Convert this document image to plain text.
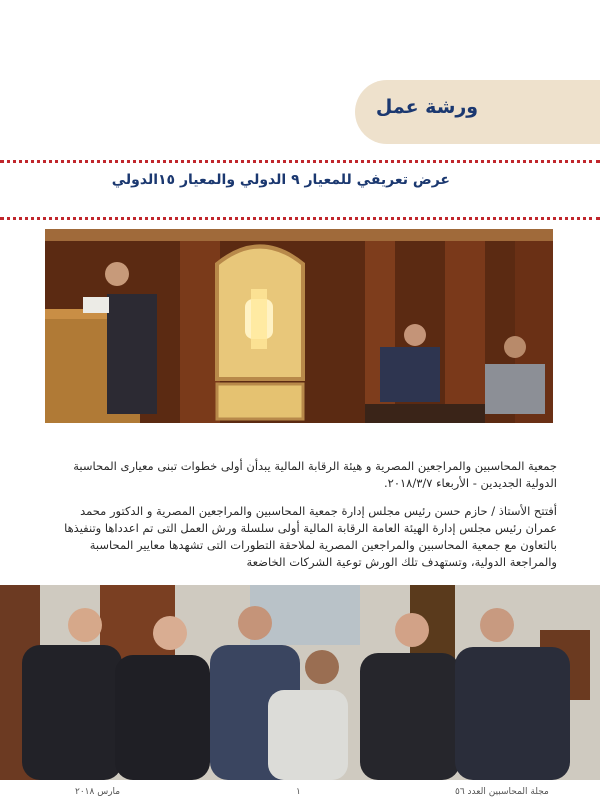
ورشة عمل
عرض تعريفي للمعيار ٩ الدولي والمعيار ١٥الدولي
جمعية المحاسبين والمراجعين المصرية و هيئة الرقابة المالية يبدأن أولى خطوات تبنى معيارى المحاسبة الدولية الجديدين - الأربعاء ٢٠١٨/٣/٧.
أفتتح الأستاذ / حازم حسن رئيس مجلس إدارة جمعية المحاسبين والمراجعين المصرية و الدكتور محمد عمران رئيس مجلس إدارة الهيئة العامة الرقابة المالية أولى سلسلة ورش العمل التى تم اعدداها وتنفيذها بالتعاون مع جمعية المحاسبين والمراجعين المصرية لملاحقة التطورات التى تشهدها معايير المحاسبة والمراجعة الدولية، وتستهدف تلك الورش توعية الشركات الخاضعة
مجلة المحاسبين العدد ٥٦
١
مارس ٢٠١٨
